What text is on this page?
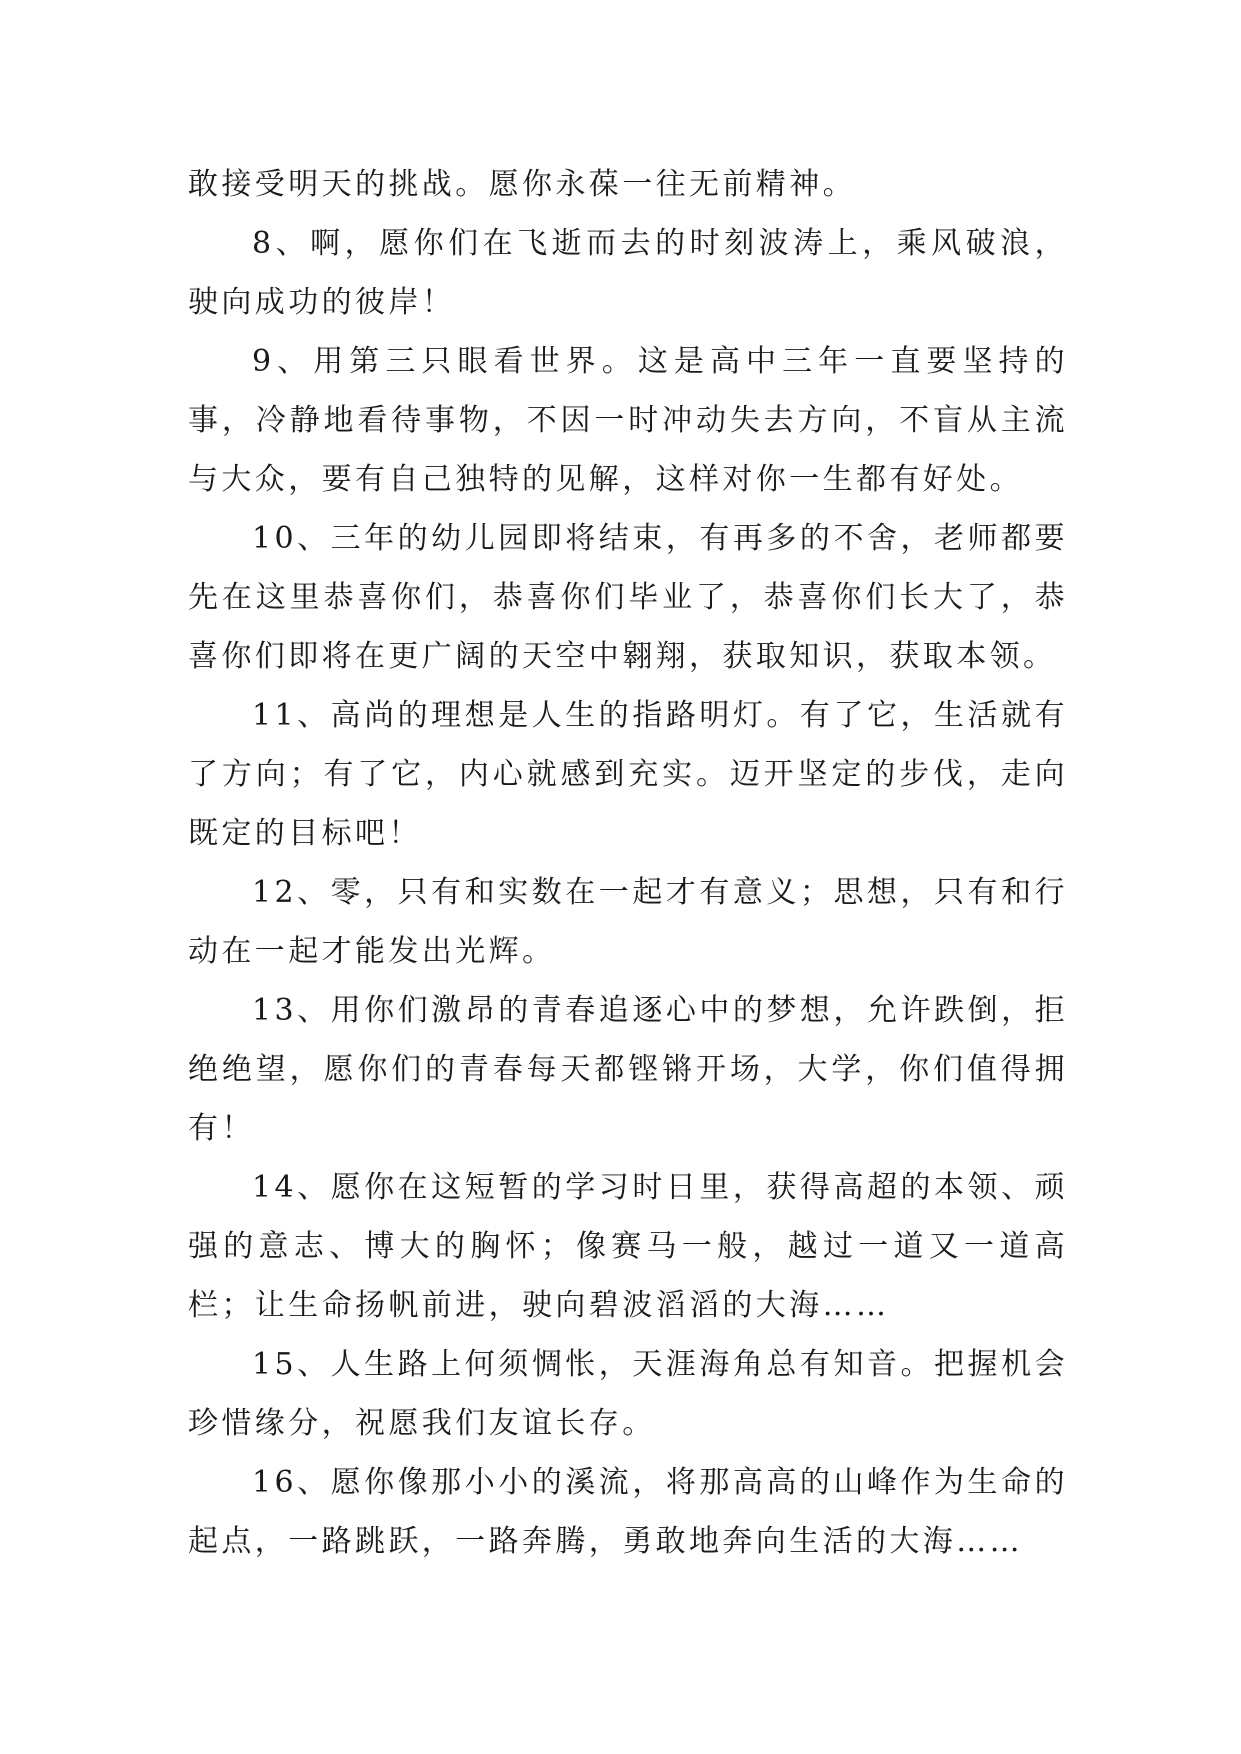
敢接受明天的挑战。愿你永葆一往无前精神。

8、啊，愿你们在飞逝而去的时刻波涛上，乘风破浪，驶向成功的彼岸！

9、用第三只眼看世界。这是高中三年一直要坚持的事，冷静地看待事物，不因一时冲动失去方向，不盲从主流与大众，要有自己独特的见解，这样对你一生都有好处。

10、三年的幼儿园即将结束，有再多的不舍，老师都要先在这里恭喜你们，恭喜你们毕业了，恭喜你们长大了，恭喜你们即将在更广阔的天空中翱翔，获取知识，获取本领。

11、高尚的理想是人生的指路明灯。有了它，生活就有了方向；有了它，内心就感到充实。迈开坚定的步伐，走向既定的目标吧！

12、零，只有和实数在一起才有意义；思想，只有和行动在一起才能发出光辉。

13、用你们激昂的青春追逐心中的梦想，允许跌倒，拒绝绝望，愿你们的青春每天都铿锵开场，大学，你们值得拥有！

14、愿你在这短暂的学习时日里，获得高超的本领、顽强的意志、博大的胸怀；像赛马一般，越过一道又一道高栏；让生命扬帆前进，驶向碧波滔滔的大海……

15、人生路上何须惆怅，天涯海角总有知音。把握机会珍惜缘分，祝愿我们友谊长存。

16、愿你像那小小的溪流，将那高高的山峰作为生命的起点，一路跳跃，一路奔腾，勇敢地奔向生活的大海……
